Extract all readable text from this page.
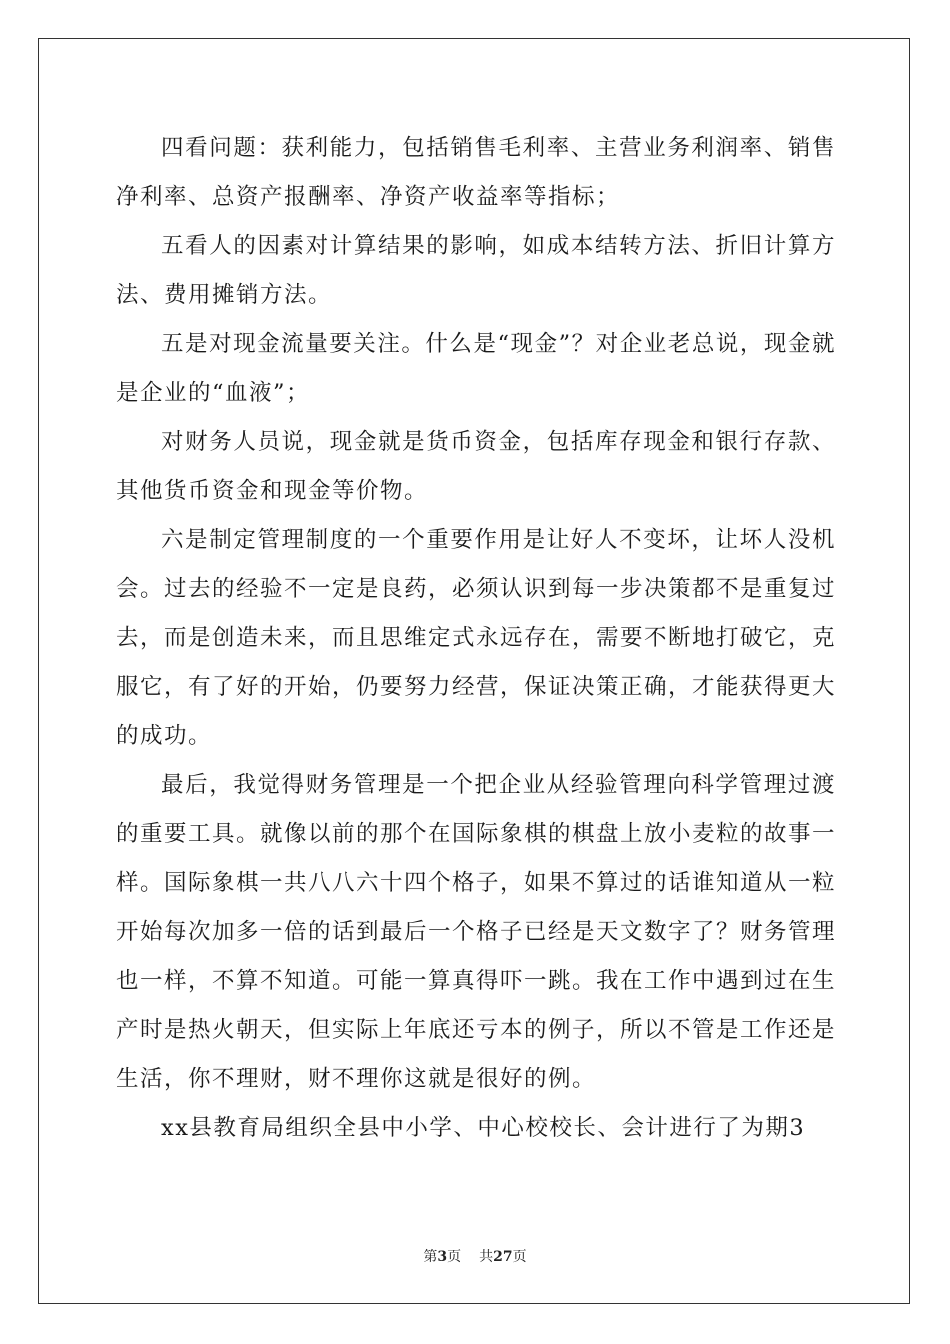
四看问题：获利能力，包括销售毛利率、主营业务利润率、销售净利率、总资产报酬率、净资产收益率等指标；

五看人的因素对计算结果的影响，如成本结转方法、折旧计算方法、费用摊销方法。

五是对现金流量要关注。什么是“现金”？对企业老总说，现金就是企业的“血液”；

对财务人员说，现金就是货币资金，包括库存现金和银行存款、其他货币资金和现金等价物。

六是制定管理制度的一个重要作用是让好人不变坏，让坏人没机会。过去的经验不一定是良药，必须认识到每一步决策都不是重复过去，而是创造未来，而且思维定式永远存在，需要不断地打破它，克服它，有了好的开始，仍要努力经营，保证决策正确，才能获得更大的成功。

最后，我觉得财务管理是一个把企业从经验管理向科学管理过渡的重要工具。就像以前的那个在国际象棋的棋盘上放小麦粒的故事一样。国际象棋一共八八六十四个格子，如果不算过的话谁知道从一粒开始每次加多一倍的话到最后一个格子已经是天文数字了？财务管理也一样，不算不知道。可能一算真得吓一跳。我在工作中遇到过在生产时是热火朝天，但实际上年底还亏本的例子，所以不管是工作还是生活，你不理财，财不理你这就是很好的例。

xx县教育局组织全县中小学、中心校校长、会计进行了为期3

第3页 共27页
